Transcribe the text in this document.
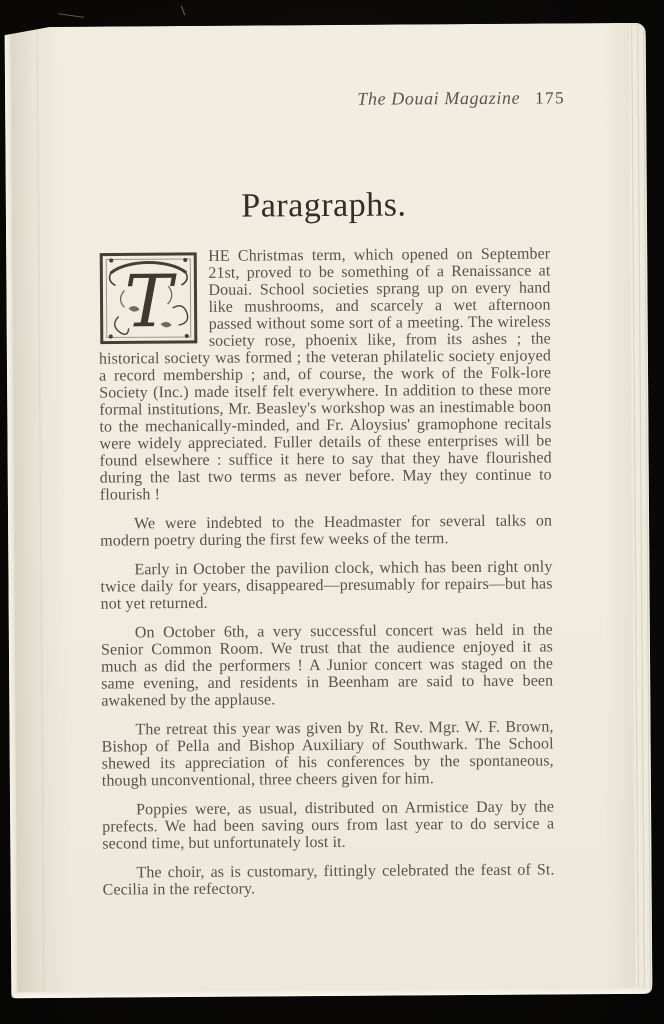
The Douai Magazine 175
Paragraphs.

T
HE Christmas term, which opened on September 21st, proved to be something of a Renaissance at Douai. School societies sprang up on every hand like mushrooms, and scarcely a wet afternoon passed without some sort of a meeting. The wireless society rose, phoenix like, from its ashes ; the historical society was formed ; the veteran philatelic society enjoyed a record membership ; and, of course, the work of the Folk-lore Society (Inc.) made itself felt everywhere. In addition to these more formal institutions, Mr. Beasley's workshop was an inestimable boon to the mechanically-minded, and Fr. Aloysius' gramophone recitals were widely appreciated. Fuller details of these enterprises will be found elsewhere : suffice it here to say that they have flourished during the last two terms as never before. May they continue to flourish !

We were indebted to the Headmaster for several talks on modern poetry during the first few weeks of the term.

Early in October the pavilion clock, which has been right only twice daily for years, disappeared—presumably for repairs—but has not yet returned.

On October 6th, a very successful concert was held in the Senior Common Room. We trust that the audience enjoyed it as much as did the performers ! A Junior concert was staged on the same evening, and residents in Beenham are said to have been awakened by the applause.

The retreat this year was given by Rt. Rev. Mgr. W. F. Brown, Bishop of Pella and Bishop Auxiliary of Southwark. The School shewed its appreciation of his conferences by the spontaneous, though unconventional, three cheers given for him.

Poppies were, as usual, distributed on Armistice Day by the prefects. We had been saving ours from last year to do service a second time, but unfortunately lost it.

The choir, as is customary, fittingly celebrated the feast of St. Cecilia in the refectory.
